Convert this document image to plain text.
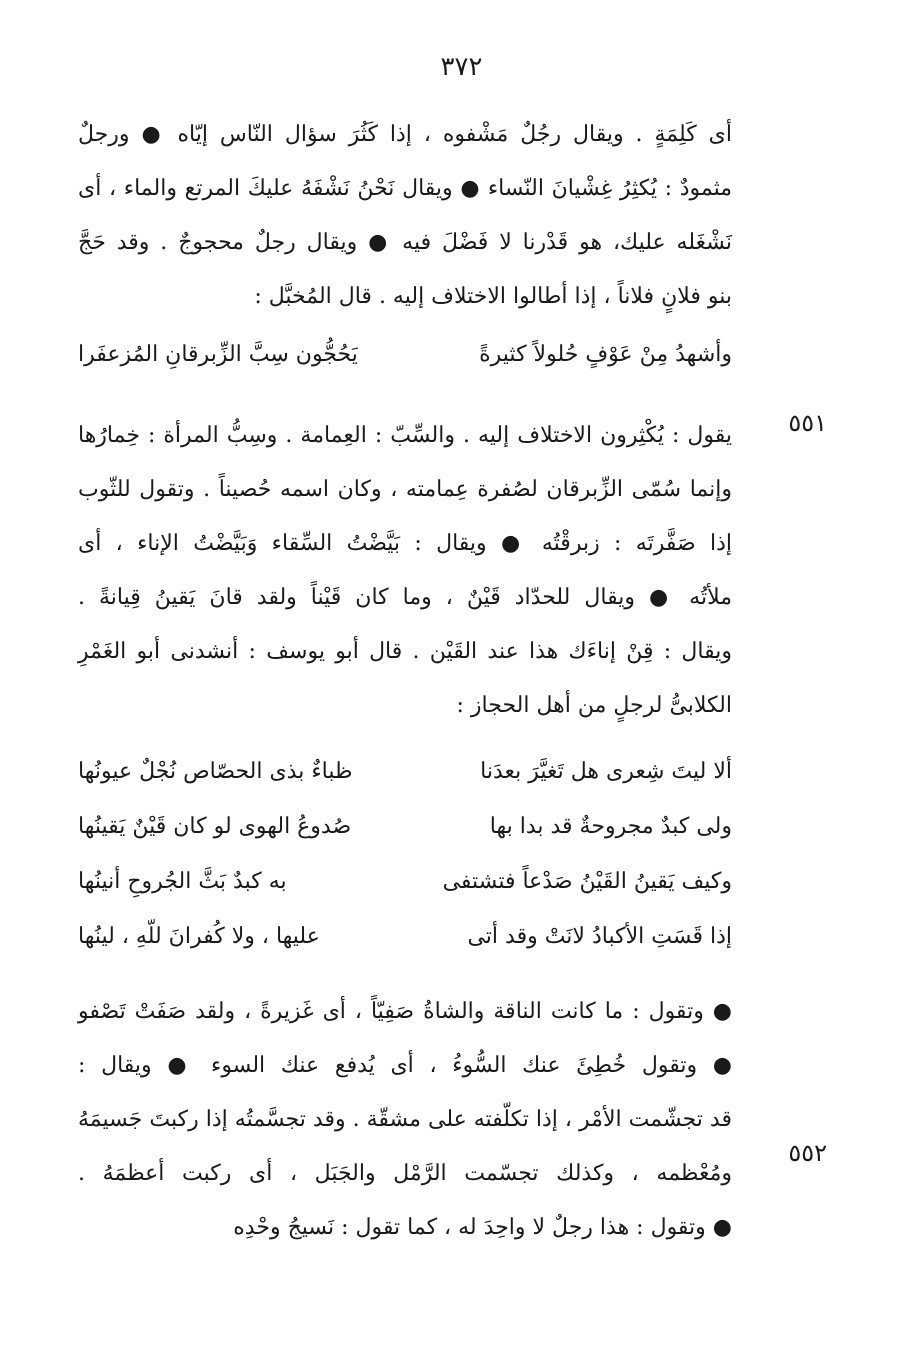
٣٧٢
أى كَلِمَةٍ . ويقال رجُلٌ مَشْفوه ، إذا كَثُرَ سؤال النّاس إيّاه ● ورجلٌ
مثمودٌ : يُكثِرُ غِشْيانَ النّساء ● ويقال نَحْنُ نَشْفَهُ عليكَ المرتع والماء ، أى
نَشْغَله عليك، هو قَدْرنا لا فَضْلَ فيه ● ويقال رجلٌ محجوجٌ . وقد حَجَّ
بنو فلانٍ فلاناً ، إذا أطالوا الاختلاف إليه . قال المُخبَّل :
وأشهدُ مِنْ عَوْفٍ حُلولاً كثيرةً
يَحُجُّون سِبَّ الزِّبرقانِ المُزعفَرا
٥٥١
يقول : يُكْثِرون الاختلاف إليه . والسِّبّ : العِمامة . وسِبُّ المرأة : خِمارُها
وإنما سُمّى الزِّبرقان لصُفرة عِمامته ، وكان اسمه حُصيناً . وتقول للثّوب
إذا صَفَّرتَه : زبرقْتُه ● ويقال : بَيَّضْتُ السِّقاء وَبَيَّضْتُ الإناء ، أى
ملأتُه ● ويقال للحدّاد قَيْنٌ ، وما كان قَيْناً ولقد قانَ يَقينُ قِيانةً .
ويقال : قِنْ إناءَك هذا عند القَيْن . قال أبو يوسف : أنشدنى أبو الغَمْرِ
الكلابىُّ لرجلٍ من أهل الحجاز :
ألا ليتَ شِعرى هل تَغيَّرَ بعدَنا
ظباءٌ بذى الحصّاص نُجْلٌ عيونُها
ولى كبدٌ مجروحةٌ قد بدا بها
صُدوعُ الهوى لو كان قَيْنٌ يَقينُها
وكيف يَقينُ القَيْنُ صَدْعاً فتشتفى
به كبدٌ بَثَّ الجُروحِ أنينُها
إذا قَسَتِ الأكبادُ لانَتْ وقد أتى
عليها ، ولا كُفرانَ للّهِ ، لينُها
٥٥٢
● وتقول : ما كانت الناقة والشاةُ صَفِيّاً ، أى غَزيرةً ، ولقد صَفَتْ تَصْفو
● وتقول خُطِئَ عنك السُّوءُ ، أى يُدفع عنك السوء ● ويقال :
قد تجشّمت الأمْر ، إذا تكلّفته على مشقّة . وقد تجسَّمتُه إذا ركبتَ جَسيمَهُ
ومُعْظمه ، وكذلك تجسّمت الرَّمْل والجَبَل ، أى ركبت أعظمَهُ .
● وتقول : هذا رجلٌ لا واحِدَ له ، كما تقول : نَسيجُ وحْدِه
